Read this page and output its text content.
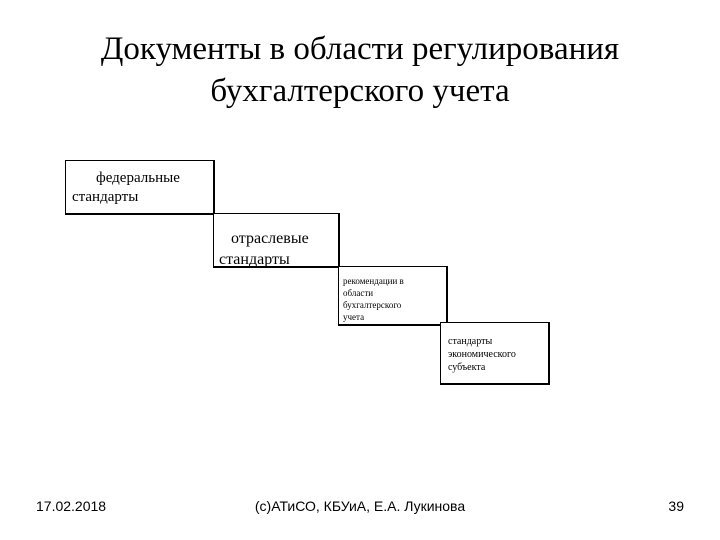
Документы в области регулирования
бухгалтерского учета
федеральные
стандарты
отраслевые
стандарты
рекомендации в
области
бухгалтерского
учета
стандарты
экономического
субъекта
17.02.2018	(c)АТиСО, КБУиА, Е.А. Лукинова	39
